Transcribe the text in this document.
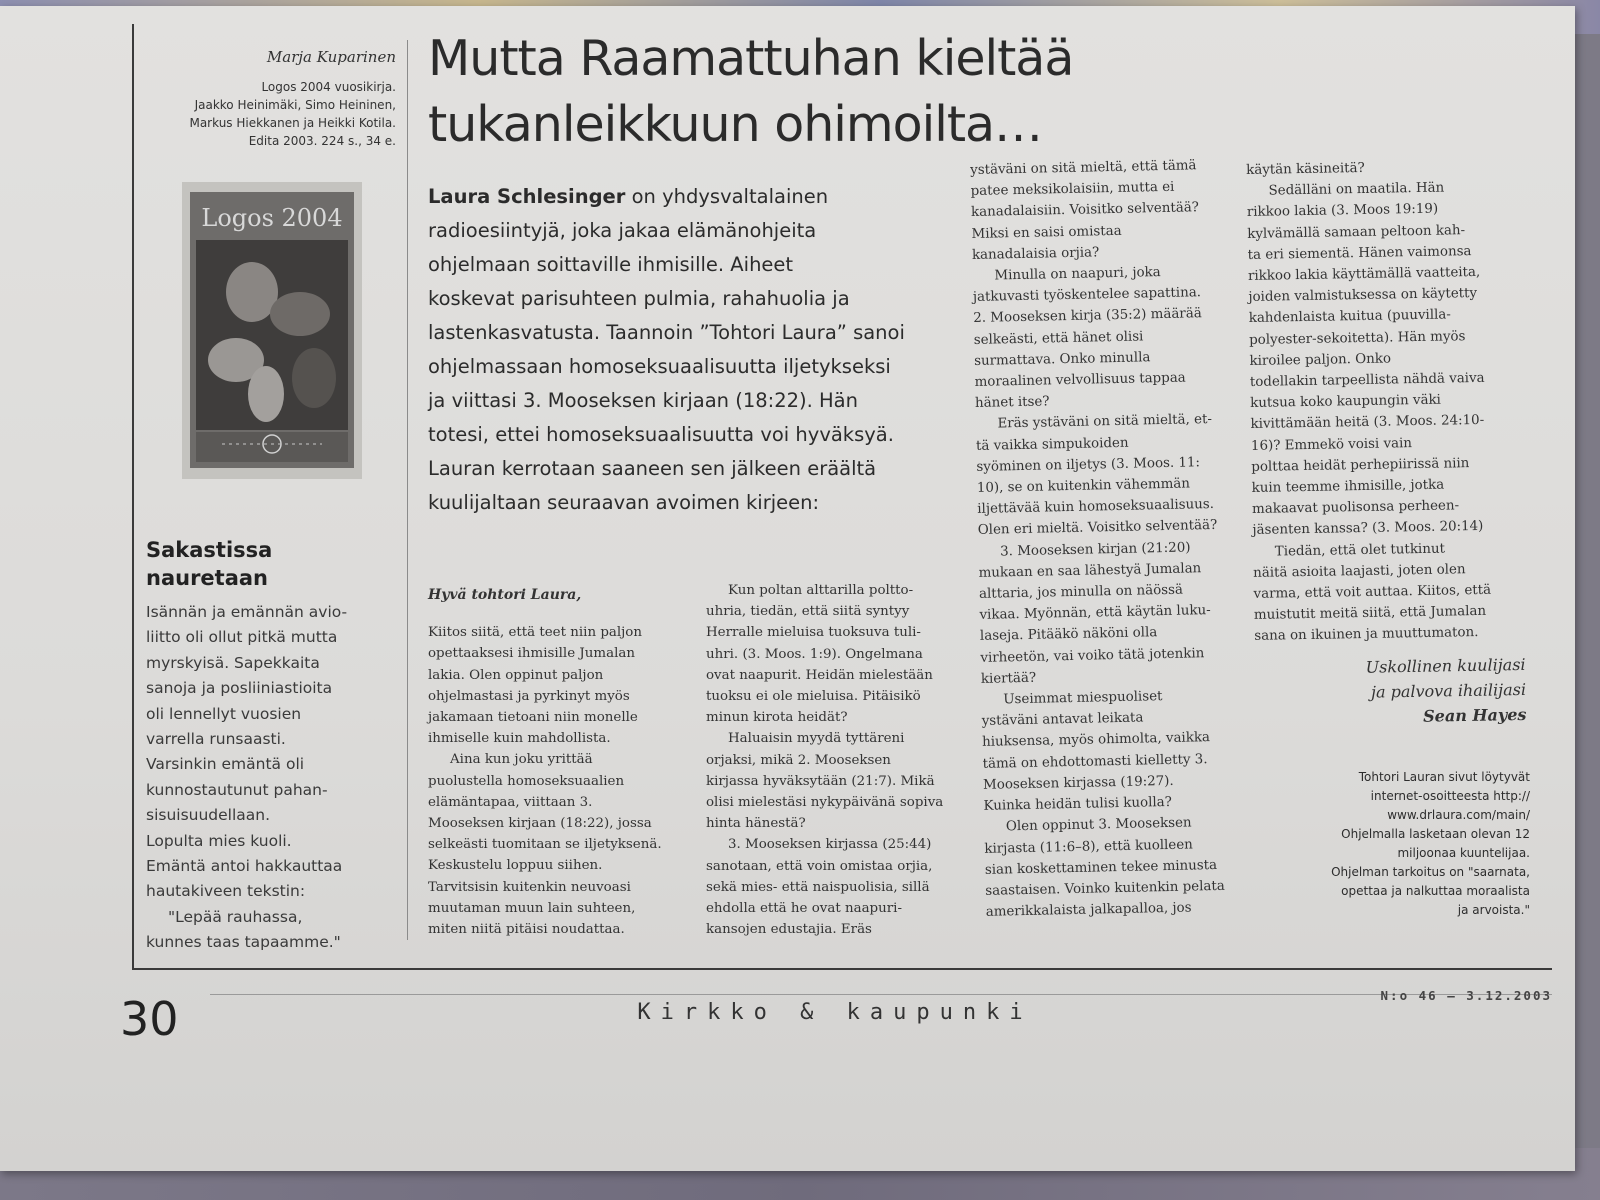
Marja Kuparinen
Logos 2004 vuosikirja.
Jaakko Heinimäki, Simo Heininen,
Markus Hiekkanen ja Heikki Kotila.
Edita 2003. 224 s., 34 e.
Logos 2004
Sakastissa
nauretaan
Isännän ja emännän avio-
liitto oli ollut pitkä mutta
myrskyisä. Sapekkaita
sanoja ja posliiniastioita
oli lennellyt vuosien
varrella runsaasti.
Varsinkin emäntä oli
kunnostautunut pahan-
sisuisuudellaan.
Lopulta mies kuoli.
Emäntä antoi hakkauttaa
hautakiveen tekstin:
"Lepää rauhassa,
kunnes taas tapaamme."
Mutta Raamattuhan kieltää
tukanleikkuun ohimoilta…
Laura Schlesinger on yhdysvaltalainen
radioesiintyjä, joka jakaa elämänohjeita
ohjelmaan soittaville ihmisille. Aiheet
koskevat parisuhteen pulmia, rahahuolia ja
lastenkasvatusta. Taannoin ”Tohtori Laura” sanoi
ohjelmassaan homoseksuaalisuutta iljetykseksi
ja viittasi 3. Mooseksen kirjaan (18:22). Hän
totesi, ettei homoseksuaalisuutta voi hyväksyä.
Lauran kerrotaan saaneen sen jälkeen eräältä
kuulijaltaan seuraavan avoimen kirjeen:
Hyvä tohtori Laura,
Kiitos siitä, että teet niin paljon
opettaaksesi ihmisille Jumalan
lakia. Olen oppinut paljon
ohjelmastasi ja pyrkinyt myös
jakamaan tietoani niin monelle
ihmiselle kuin mahdollista.
Aina kun joku yrittää
puolustella homoseksuaalien
elämäntapaa, viittaan 3.
Mooseksen kirjaan (18:22), jossa
selkeästi tuomitaan se iljetyksenä.
Keskustelu loppuu siihen.
Tarvitsisin kuitenkin neuvoasi
muutaman muun lain suhteen,
miten niitä pitäisi noudattaa.
Kun poltan alttarilla poltto-
uhria, tiedän, että siitä syntyy
Herralle mieluisa tuoksuva tuli-
uhri. (3. Moos. 1:9). Ongelmana
ovat naapurit. Heidän mielestään
tuoksu ei ole mieluisa. Pitäisikö
minun kirota heidät?
Haluaisin myydä tyttäreni
orjaksi, mikä 2. Mooseksen
kirjassa hyväksytään (21:7). Mikä
olisi mielestäsi nykypäivänä sopiva
hinta hänestä?
3. Mooseksen kirjassa (25:44)
sanotaan, että voin omistaa orjia,
sekä mies- että naispuolisia, sillä
ehdolla että he ovat naapuri-
kansojen edustajia. Eräs
ystäväni on sitä mieltä, että tämä
patee meksikolaisiin, mutta ei
kanadalaisiin. Voisitko selventää?
Miksi en saisi omistaa
kanadalaisia orjia?
Minulla on naapuri, joka
jatkuvasti työskentelee sapattina.
2. Mooseksen kirja (35:2) määrää
selkeästi, että hänet olisi
surmattava. Onko minulla
moraalinen velvollisuus tappaa
hänet itse?
Eräs ystäväni on sitä mieltä, et-
tä vaikka simpukoiden
syöminen on iljetys (3. Moos. 11:
10), se on kuitenkin vähemmän
iljettävää kuin homoseksuaalisuus.
Olen eri mieltä. Voisitko selventää?
3. Mooseksen kirjan (21:20)
mukaan en saa lähestyä Jumalan
alttaria, jos minulla on näössä
vikaa. Myönnän, että käytän luku-
laseja. Pitääkö näköni olla
virheetön, vai voiko tätä jotenkin
kiertää?
Useimmat miespuoliset
ystäväni antavat leikata
hiuksensa, myös ohimolta, vaikka
tämä on ehdottomasti kielletty 3.
Mooseksen kirjassa (19:27).
Kuinka heidän tulisi kuolla?
Olen oppinut 3. Mooseksen
kirjasta (11:6–8), että kuolleen
sian koskettaminen tekee minusta
saastaisen. Voinko kuitenkin pelata
amerikkalaista jalkapalloa, jos
käytän käsineitä?
Sedälläni on maatila. Hän
rikkoo lakia (3. Moos 19:19)
kylvämällä samaan peltoon kah-
ta eri siementä. Hänen vaimonsa
rikkoo lakia käyttämällä vaatteita,
joiden valmistuksessa on käytetty
kahdenlaista kuitua (puuvilla-
polyester-sekoitetta). Hän myös
kiroilee paljon. Onko
todellakin tarpeellista nähdä vaiva
kutsua koko kaupungin väki
kivittämään heitä (3. Moos. 24:10-
16)? Emmekö voisi vain
polttaa heidät perhepiirissä niin
kuin teemme ihmisille, jotka
makaavat puolisonsa perheen-
jäsenten kanssa? (3. Moos. 20:14)
Tiedän, että olet tutkinut
näitä asioita laajasti, joten olen
varma, että voit auttaa. Kiitos, että
muistutit meitä siitä, että Jumalan
sana on ikuinen ja muuttumaton.
Uskollinen kuulijasi
ja palvova ihailijasi
Sean Hayes
Tohtori Lauran sivut löytyvät
internet-osoitteesta http://
www.drlaura.com/main/
Ohjelmalla lasketaan olevan 12
miljoonaa kuuntelijaa.
Ohjelman tarkoitus on "saarnata,
opettaa ja nalkuttaa moraalista
ja arvoista."
30	Kirkko & kaupunki
N:o 46 — 3.12.2003
